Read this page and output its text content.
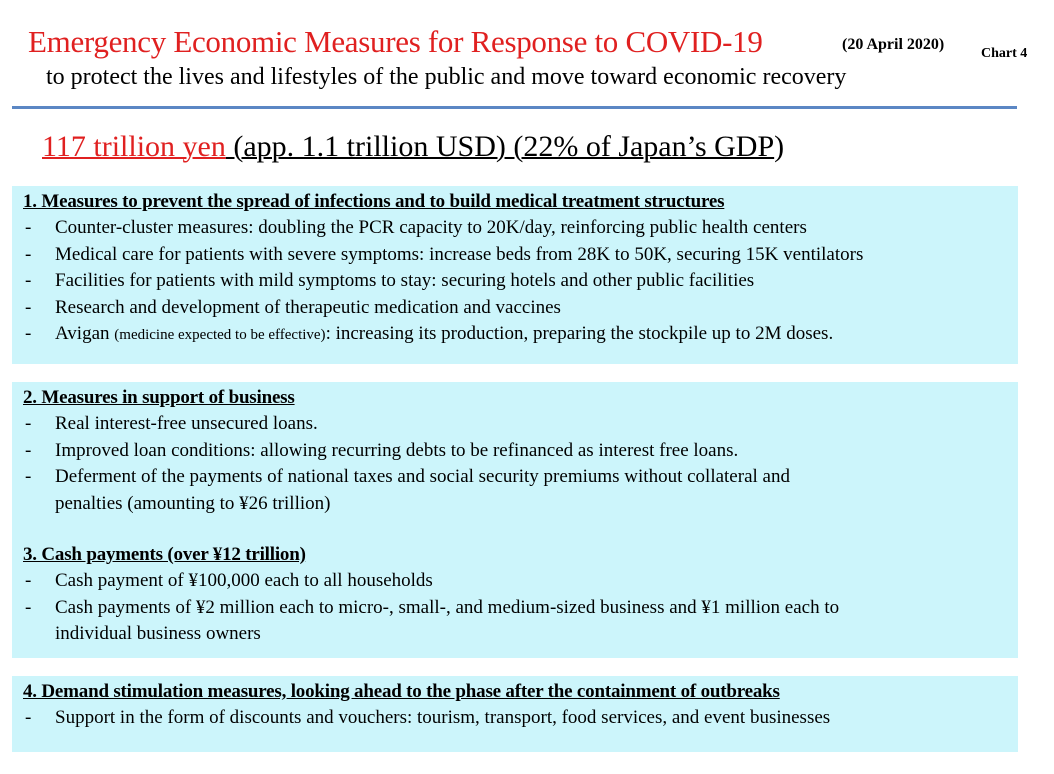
Emergency Economic Measures for Response to COVID-19	(20 April 2020)
Chart 4
to protect the lives and lifestyles of the public and move toward economic recovery
117 trillion yen (app. 1.1 trillion USD) (22% of Japan’s GDP)
1. Measures to prevent the spread of infections and to build medical treatment structures
- Counter-cluster measures: doubling the PCR capacity to 20K/day, reinforcing public health centers
- Medical care for patients with severe symptoms: increase beds from 28K to 50K, securing 15K ventilators
- Facilities for patients with mild symptoms to stay: securing hotels and other public facilities
- Research and development of therapeutic medication and vaccines
- Avigan (medicine expected to be effective): increasing its production, preparing the stockpile up to 2M doses.
2. Measures in support of business
- Real interest-free unsecured loans.
- Improved loan conditions: allowing recurring debts to be refinanced as interest free loans.
- Deferment of the payments of national taxes and social security premiums without collateral and
penalties (amounting to ¥26 trillion)
3. Cash payments (over ¥12 trillion)
- Cash payment of ¥100,000 each to all households
- Cash payments of ¥2 million each to micro-, small-, and medium-sized business and ¥1 million each to
individual business owners
4. Demand stimulation measures, looking ahead to the phase after the containment of outbreaks
- Support in the form of discounts and vouchers: tourism, transport, food services, and event businesses
